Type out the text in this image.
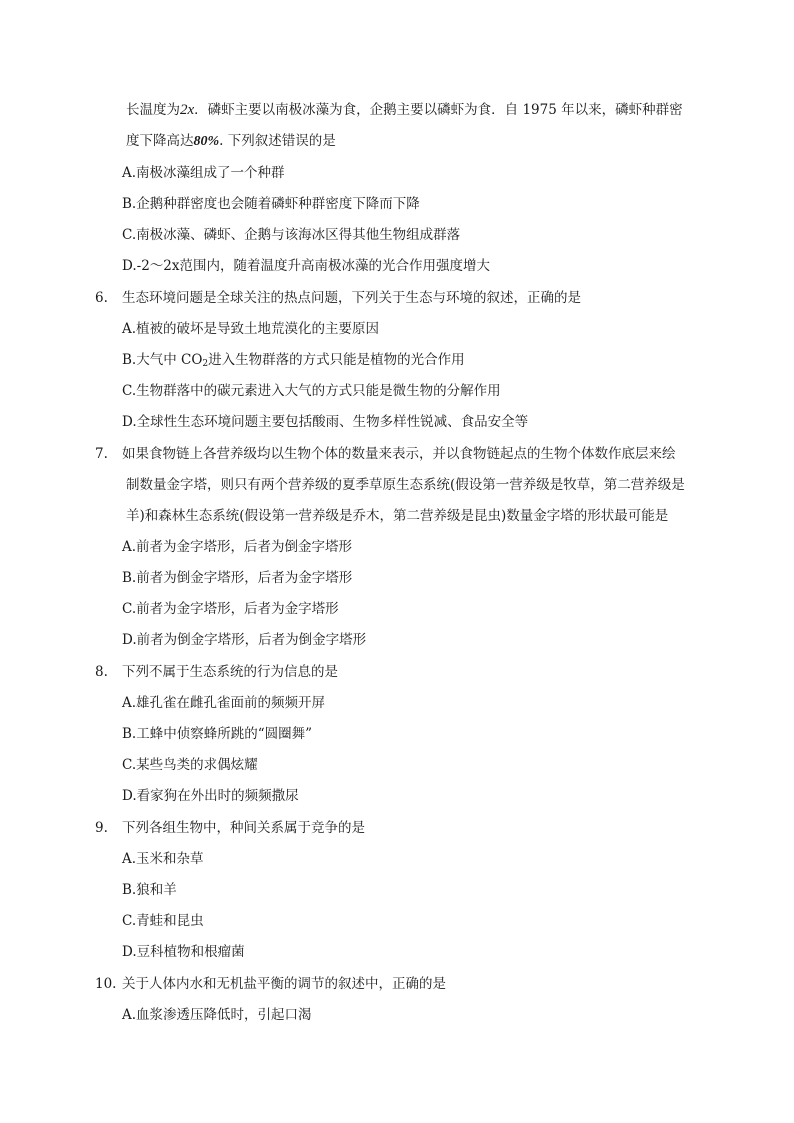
长温度为2x．磷虾主要以南极冰藻为食，企鹅主要以磷虾为食．自 1975 年以来，磷虾种群密
度下降高达80%. 下列叙述错误的是
A.南极冰藻组成了一个种群
B.企鹅种群密度也会随着磷虾种群密度下降而下降
C.南极冰藻、磷虾、企鹅与该海冰区得其他生物组成群落
D.-2～2x范围内，随着温度升高南极冰藻的光合作用强度增大
6. 生态环境问题是全球关注的热点问题，下列关于生态与环境的叙述，正确的是
A.植被的破坏是导致土地荒漠化的主要原因
B.大气中 $CO_2$进入生物群落的方式只能是植物的光合作用
C.生物群落中的碳元素进入大气的方式只能是微生物的分解作用
D.全球性生态环境问题主要包括酸雨、生物多样性锐减、食品安全等
7. 如果食物链上各营养级均以生物个体的数量来表示，并以食物链起点的生物个体数作底层来绘
制数量金字塔，则只有两个营养级的夏季草原生态系统(假设第一营养级是牧草，第二营养级是
羊)和森林生态系统(假设第一营养级是乔木，第二营养级是昆虫)数量金字塔的形状最可能是
A.前者为金字塔形，后者为倒金字塔形
B.前者为倒金字塔形，后者为金字塔形
C.前者为金字塔形，后者为金字塔形
D.前者为倒金字塔形，后者为倒金字塔形
8. 下列不属于生态系统的行为信息的是
A.雄孔雀在雌孔雀面前的频频开屏
B.工蜂中侦察蜂所跳的“圆圈舞”
C.某些鸟类的求偶炫耀
D.看家狗在外出时的频频撒尿
9. 下列各组生物中，种间关系属于竞争的是
A.玉米和杂草
B.狼和羊
C.青蛙和昆虫
D.豆科植物和根瘤菌
10. 关于人体内水和无机盐平衡的调节的叙述中，正确的是
A.血浆渗透压降低时，引起口渴
